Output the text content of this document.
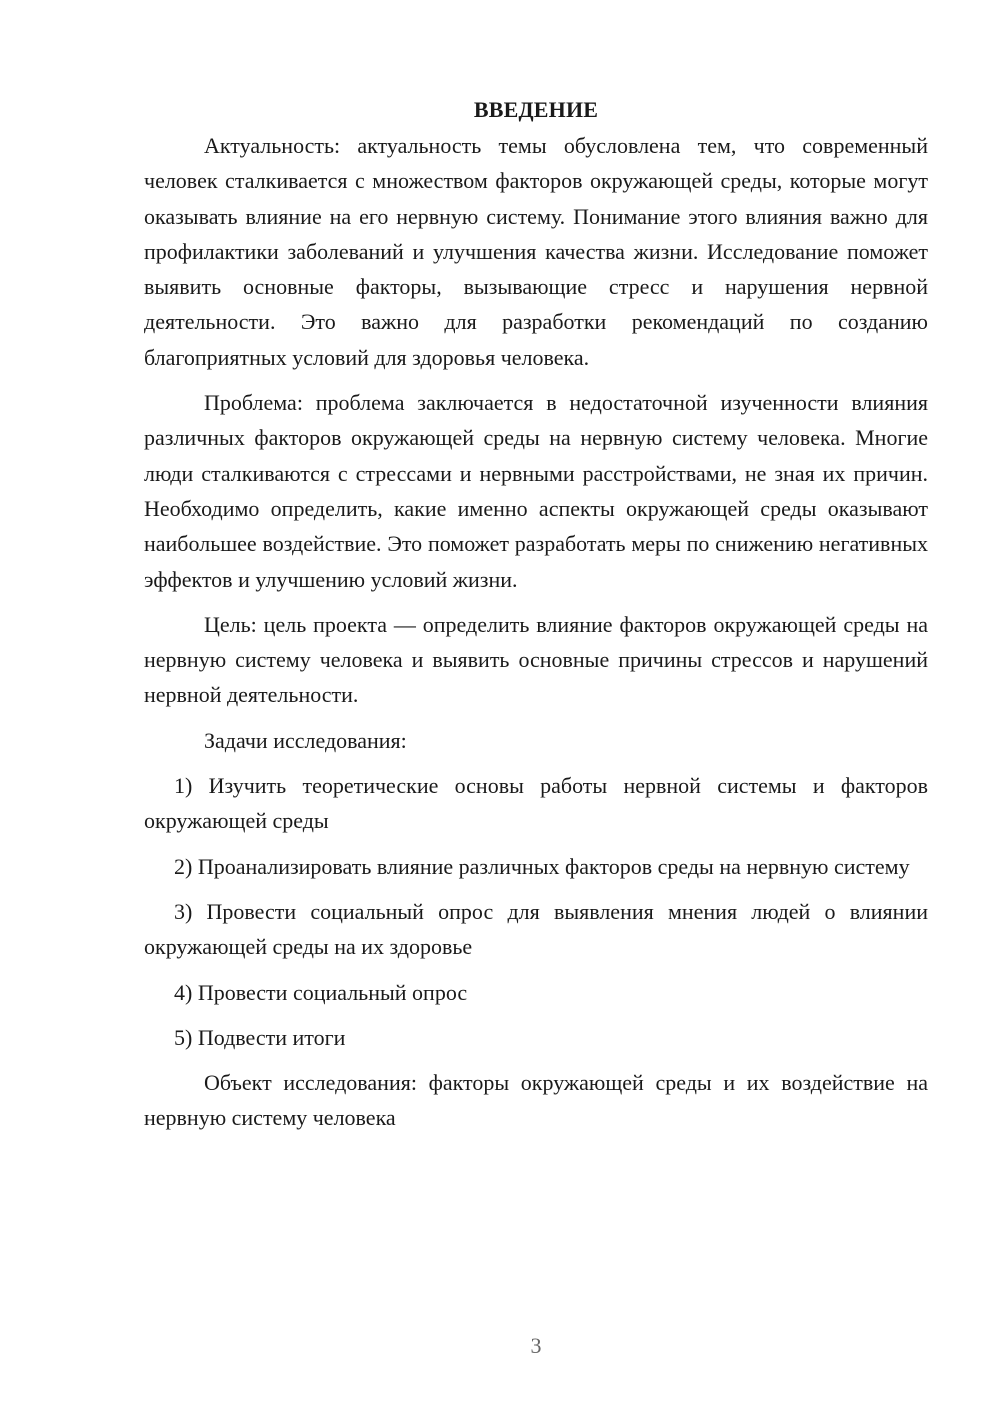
ВВЕДЕНИЕ

Актуальность: актуальность темы обусловлена тем, что современный человек сталкивается с множеством факторов окружающей среды, которые могут оказывать влияние на его нервную систему. Понимание этого влияния важно для профилактики заболеваний и улучшения качества жизни. Исследование поможет выявить основные факторы, вызывающие стресс и нарушения нервной деятельности. Это важно для разработки рекомендаций по созданию благоприятных условий для здоровья человека.

Проблема: проблема заключается в недостаточной изученности влияния различных факторов окружающей среды на нервную систему человека. Многие люди сталкиваются с стрессами и нервными расстройствами, не зная их причин. Необходимо определить, какие именно аспекты окружающей среды оказывают наибольшее воздействие. Это поможет разработать меры по снижению негативных эффектов и улучшению условий жизни.

Цель: цель проекта — определить влияние факторов окружающей среды на нервную систему человека и выявить основные причины стрессов и нарушений нервной деятельности.

Задачи исследования:

1) Изучить теоретические основы работы нервной системы и факторов окружающей среды

2) Проанализировать влияние различных факторов среды на нервную систему

3) Провести социальный опрос для выявления мнения людей о влиянии окружающей среды на их здоровье

4) Провести социальный опрос

5) Подвести итоги

Объект исследования: факторы окружающей среды и их воздействие на нервную систему человека

3
